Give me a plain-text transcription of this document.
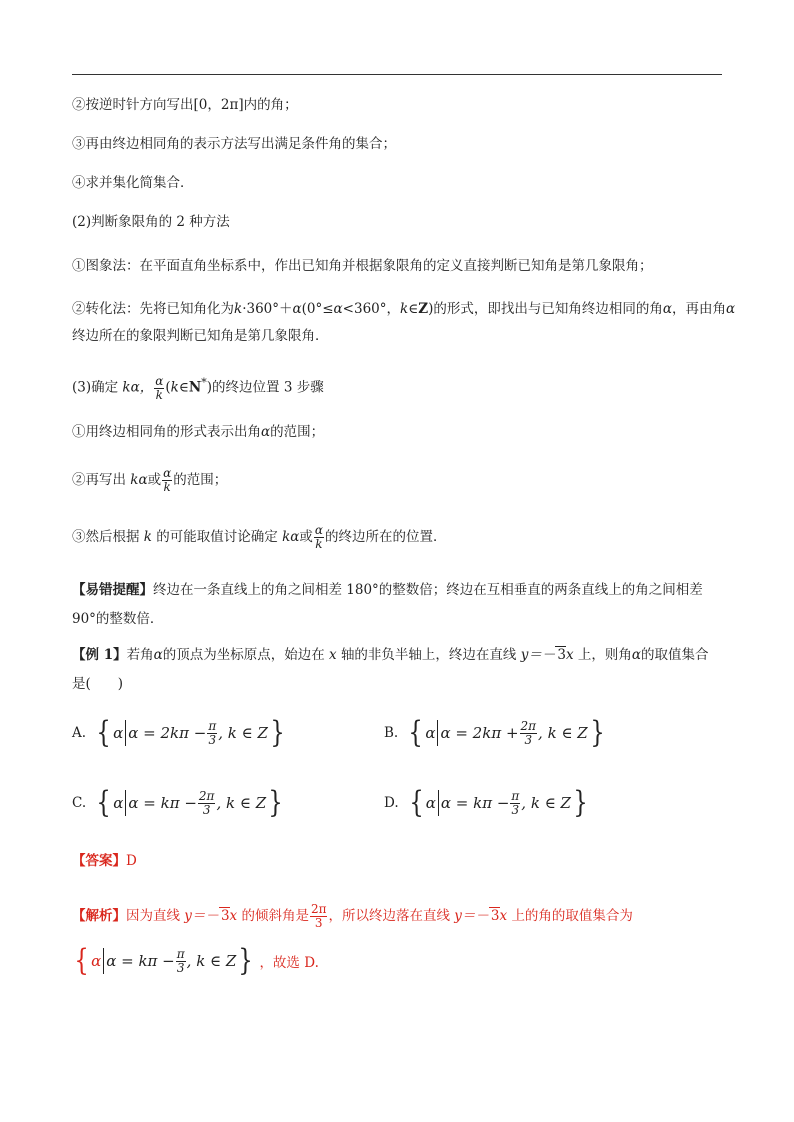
②按逆时针方向写出[0，2π]内的角；
③再由终边相同角的表示方法写出满足条件角的集合；
④求并集化简集合．
(2)判断象限角的 2 种方法
①图象法：在平面直角坐标系中，作出已知角并根据象限角的定义直接判断已知角是第几象限角；
②转化法：先将已知角化为k·360°＋α(0°≤α<360°，k∈Z)的形式，即找出与已知角终边相同的角α，再由角α
终边所在的象限判断已知角是第几象限角．
(3)确定 kα， $\frac{\alpha}{k}$ (k∈N*)的终边位置 3 步骤
①用终边相同角的形式表示出角α的范围；
②再写出 kα或 $\frac{\alpha}{k}$ 的范围；
③然后根据 k 的可能取值讨论确定 kα或 $\frac{\alpha}{k}$ 的终边所在的位置．
【易错提醒】终边在一条直线上的角之间相差 180°的整数倍；终边在互相垂直的两条直线上的角之间相差
90°的整数倍．
【例 1】若角α的顶点为坐标原点，始边在 x 轴的非负半轴上，终边在直线 y＝－ 3x 上，则角α的取值集合
是(　　)
A. { α $\alpha = 2k\pi - \frac{\pi}{3}$ , k ∈ Z }	B. { α $\alpha = 2k\pi + \frac{2\pi}{3}$ , k ∈ Z }
C. { α $\alpha = k\pi - \frac{2\pi}{3}$ , k ∈ Z }	D. { α $\alpha = k\pi - \frac{\pi}{3}$ , k ∈ Z }
【答案】D
【解析】因为直线 y＝－ 3x 的倾斜角是 $\frac{2\pi}{3}$ ，所以终边落在直线 y＝－ 3x 上的角的取值集合为
{ α $\alpha = k\pi - \frac{\pi}{3}$ , k ∈ Z } ，故选 D.
